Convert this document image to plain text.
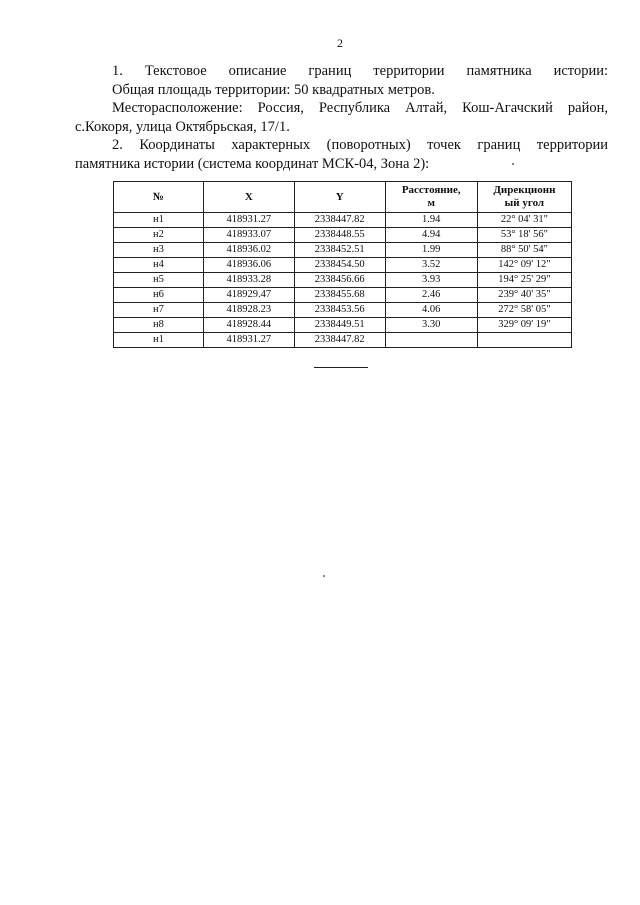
2

1. Текстовое описание границ территории памятника истории:

Общая площадь территории: 50 квадратных метров.

Месторасположение: Россия, Республика Алтай, Кош-Агачский район,

с.Кокоря, улица Октябрьская, 17/1.

2. Координаты характерных (поворотных) точек границ территории

памятника истории (система координат МСК-04, Зона 2):

№	X	Y	Расстояние,
м	Дирекционн
ый угол
н1	418931.27	2338447.82	1.94	22° 04' 31"
н2	418933.07	2338448.55	4.94	53° 18' 56"
н3	418936.02	2338452.51	1.99	88° 50' 54"
н4	418936.06	2338454.50	3.52	142° 09' 12"
н5	418933.28	2338456.66	3.93	194° 25' 29"
н6	418929.47	2338455.68	2.46	239° 40' 35"
н7	418928.23	2338453.56	4.06	272° 58' 05"
н8	418928.44	2338449.51	3.30	329° 09' 19"
н1	418931.27	2338447.82		
